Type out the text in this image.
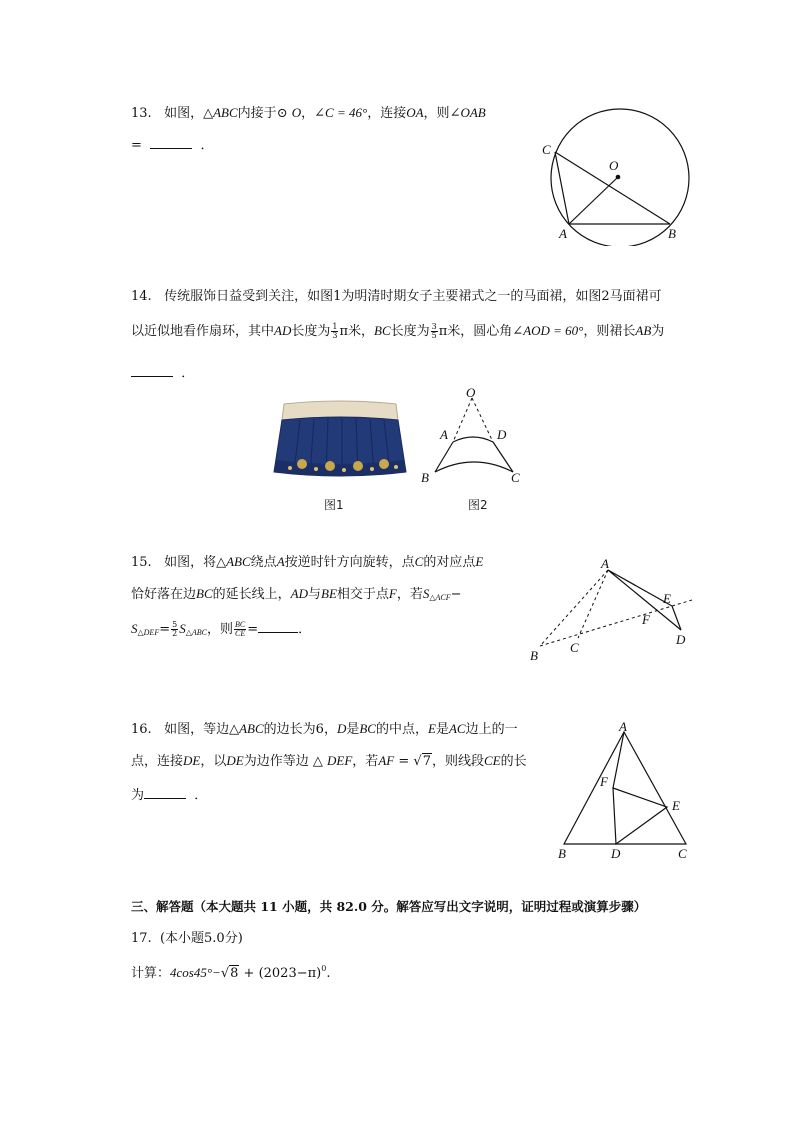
13. 如图，△ABC内接于⊙ O，∠C = 46°，连接OA，则∠OAB
=	．	C
O
A	B
14. 传统服饰日益受到关注，如图1为明清时期女子主要裙式之一的马面裙，如图2马面裙可
以近似地看作扇环，其中AD长度为 $\frac{1}{3}$ π米，BC长度为 $\frac{3}{5}$ π米，圆心角∠AOD = 60°，则裙长AB为
．
O
A	D
B	C
图1	图2
15. 如图，将△ABC绕点A按逆时针方向旋转，点C的对应点E
恰好落在边BC的延长线上，AD与BE相交于点F，若$S_{\triangle ACF}-$
$S_{\triangle DEF}= \frac{5}{2} S_{\triangle ABC}$，则 $\frac{BC}{CE}$ =	．
A
E
F
D
B
C
16. 如图，等边△ABC的边长为6，D是BC的中点，E是AC边上的一
点，连接DE，以DE为边作等边 △ DEF，若AF = √7，则线段CE的长
为	．
A
F
E
B	D	C
三、解答题（本大题共 11 小题，共 82.0 分。解答应写出文字说明，证明过程或演算步骤）
17. (本小题5.0分)
计算：$4\cos 45^\circ-√8 + (2023-\pi)^0$.
